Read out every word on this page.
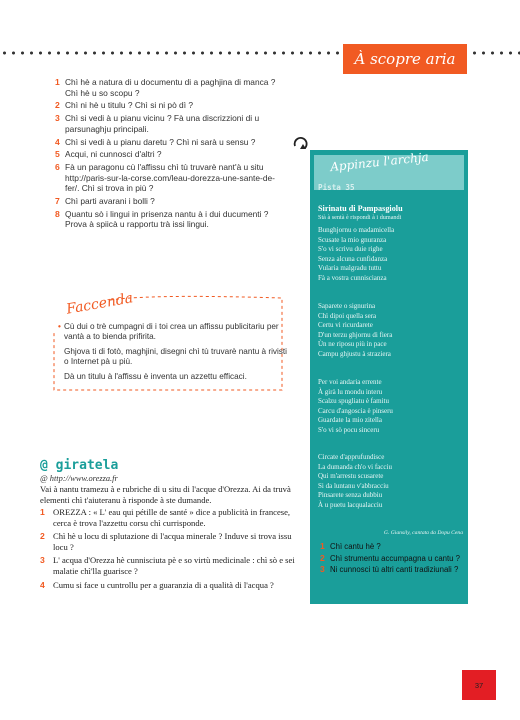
À scopre aria
1 Chì hè a natura di u documentu di a paghjina di manca ? Chì hè u so scopu ?
2 Chì ni hè u titulu ? Chì si ni pò dì ?
3 Chì si vedi à u pianu vicinu ? Fà una discrizzioni di u parsunaghju principali.
4 Chì si vedi à u pianu daretu ? Chì ni sarà u sensu ?
5 Acqui, ni cunnosci d'altri ?
6 Fà un paragonu cù l'affissu chì tù truvarè nant'à u situ http://paris-sur-la-corse.com/leau-dorezza-une-sante-de-fer/. Chì si trova in più ?
7 Chì parti avarani i bolli ?
8 Quantu sò i lingui in prisenza nantu à i dui ducumenti ? Prova à spiicà u rapportu trà issi lingui.
Faccenda
• Cù dui o trè cumpagni di i toi crea un affissu publicitariu per vantà a to bienda prifirita.
Ghjova ti di fotò, maghjini, disegni chì tù truvarè nantu à rivisti o Internet pà u più.
Dà un titulu à l'affissu è inventa un azzettu efficaci.
@ giratela
@ http://www.orezza.fr
Vai à nantu tramezu à e rubriche di u situ di l'acque d'Orezza. Ai da truvà elementi chì t'aiuteranu à risponde à ste dumande.
1 OREZZA : « L' eau qui pétille de santé » dice a publicità in francese, cerca è trova l'azzettu corsu chì currisponde.
2 Chì hè u locu di splutazione di l'acqua minerale ? Induve si trova issu locu ?
3 L' acqua d'Orezza hè cunnisciuta pè e so virtù medicinale : chì sò e sei malatie chì'lla guarisce ?
4 Cumu si face u cuntrollu per a guaranzia di a qualità di l'acqua ?
Appinzu l'archja
Pista 35
Sirinatu di Pampasgiolu
Stà à sentà è rispondi à i dumandi
Bunghjornu o madamicella
Scusate la mio gnuranza
S'o vi scrivu duie righe
Senza alcuna cunfidanza
Vularia malgradu tuttu
Fà a vostra cunniscianza
Saparete o signurina
Chì dipoi quella sera
Certu vi ricurdarete
D'un terzu ghjornu di fiera
Ùn ne riposu più in pace
Campu ghjustu à straziera
Per voi andaria errente
À girà lu mondu interu
Scalzu spugliatu è famitu
Carcu d'angoscia è pinseru
Guardate la mio zitella
S'o vi sò pocu sinceru
Circate d'apprufundisce
La dumanda ch'o vi facciu
Qui m'arrestu scusarete
Si da luntanu v'abbracciu
Pinsarete senza dubbiu
À u puetu lacqualacciu
G. Giansily, cantata da Dopu Cena
1 Chì cantu hè ?
2 Chì strumentu accumpagna u cantu ?
3 Ni cunnosci tù altri canti tradiziunali ?
37
